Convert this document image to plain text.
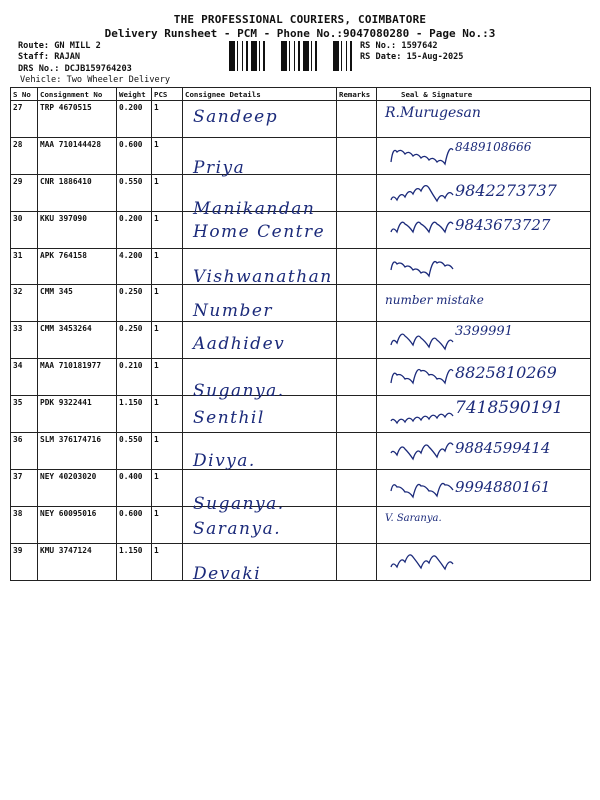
THE PROFESSIONAL COURIERS, COIMBATORE
Delivery Runsheet - PCM - Phone No.:9047080280 - Page No.:3
Route: GN MILL 2
Staff: RAJAN
DRS No.: DCJB159764203
Vehicle: Two Wheeler Delivery
RS No.: 1597642
RS Date: 15-Aug-2025
S No	Consignment No	Weight	PCS	Consignee Details	Remarks	Seal & Signature
27	TRP 4670515	0.200	1	Sandeep		R.Murugesan

28	MAA 710144428	0.600	1	Priya		8489108666

29	CNR 1886410	0.550	1	Manikandan		9842273737

30	KKU 397090	0.200	1	Home Centre		9843673727

31	APK 764158	4.200	1	Vishwanathan

32	CMM 345	0.250	1	Number		number mistake

33	CMM 3453264	0.250	1	Aadhidev		3399991

34	MAA 710181977	0.210	1	Suganya.		8825810269

35	PDK 9322441	1.150	1	Senthil		7418590191

36	SLM 376174716	0.550	1	Divya.		9884599414

37	NEY 40203020	0.400	1	Suganya.		9994880161

38	NEY 60095016	0.600	1	Saranya.		V. Saranya.

39	KMU 3747124	1.150	1	Devaki
